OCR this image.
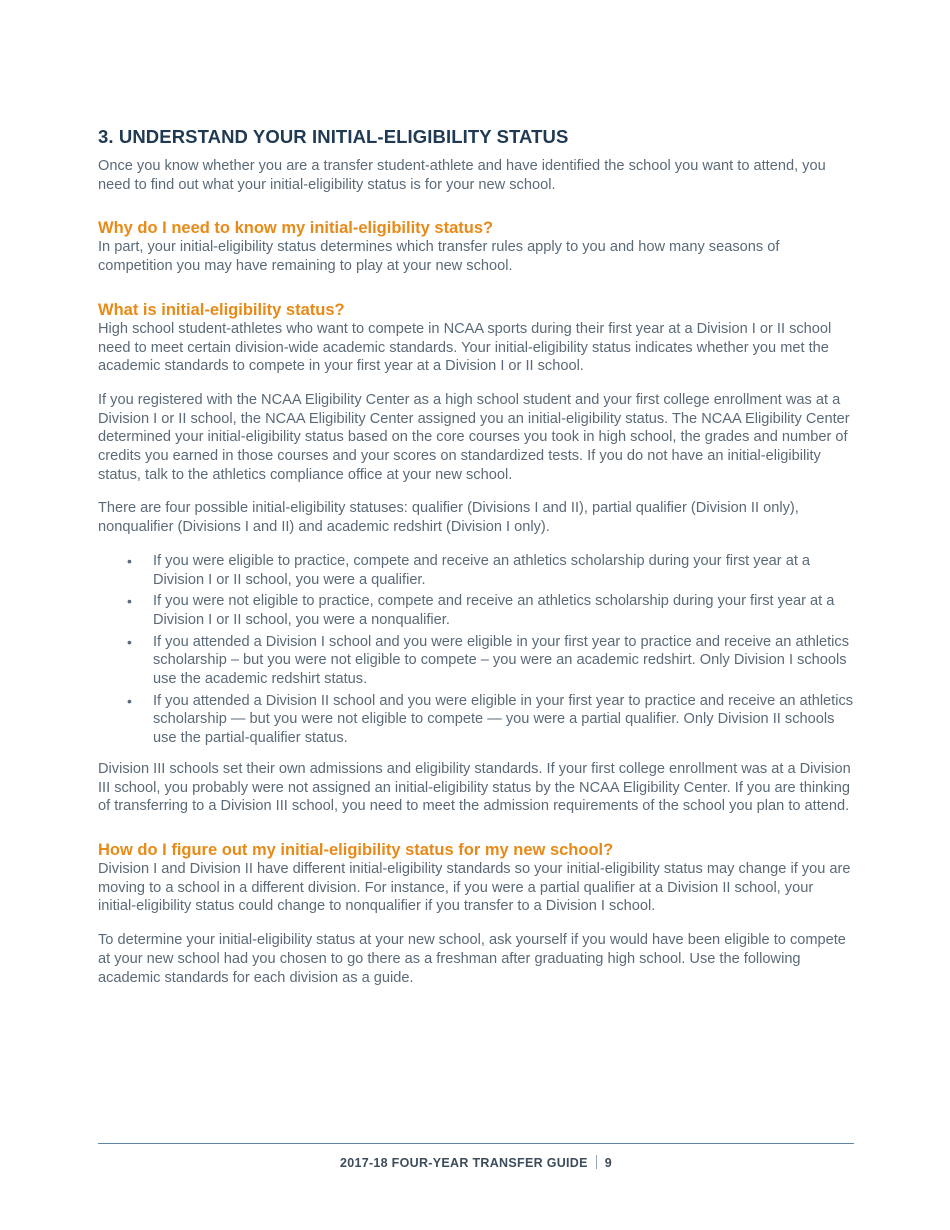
3. UNDERSTAND YOUR INITIAL-ELIGIBILITY STATUS

Once you know whether you are a transfer student-athlete and have identified the school you want to attend, you need to find out what your initial-eligibility status is for your new school.

Why do I need to know my initial-eligibility status?

In part, your initial-eligibility status determines which transfer rules apply to you and how many seasons of competition you may have remaining to play at your new school.

What is initial-eligibility status?

High school student-athletes who want to compete in NCAA sports during their first year at a Division I or II school need to meet certain division-wide academic standards. Your initial-eligibility status indicates whether you met the academic standards to compete in your first year at a Division I or II school.

If you registered with the NCAA Eligibility Center as a high school student and your first college enrollment was at a Division I or II school, the NCAA Eligibility Center assigned you an initial-eligibility status. The NCAA Eligibility Center determined your initial-eligibility status based on the core courses you took in high school, the grades and number of credits you earned in those courses and your scores on standardized tests. If you do not have an initial-eligibility status, talk to the athletics compliance office at your new school.

There are four possible initial-eligibility statuses: qualifier (Divisions I and II), partial qualifier (Division II only), nonqualifier (Divisions I and II) and academic redshirt (Division I only).

• If you were eligible to practice, compete and receive an athletics scholarship during your first year at a Division I or II school, you were a qualifier.
• If you were not eligible to practice, compete and receive an athletics scholarship during your first year at a Division I or II school, you were a nonqualifier.
• If you attended a Division I school and you were eligible in your first year to practice and receive an athletics scholarship – but you were not eligible to compete – you were an academic redshirt. Only Division I schools use the academic redshirt status.
• If you attended a Division II school and you were eligible in your first year to practice and receive an athletics scholarship — but you were not eligible to compete — you were a partial qualifier. Only Division II schools use the partial-qualifier status.

Division III schools set their own admissions and eligibility standards. If your first college enrollment was at a Division III school, you probably were not assigned an initial-eligibility status by the NCAA Eligibility Center. If you are thinking of transferring to a Division III school, you need to meet the admission requirements of the school you plan to attend.

How do I figure out my initial-eligibility status for my new school?

Division I and Division II have different initial-eligibility standards so your initial-eligibility status may change if you are moving to a school in a different division. For instance, if you were a partial qualifier at a Division II school, your initial-eligibility status could change to nonqualifier if you transfer to a Division I school.

To determine your initial-eligibility status at your new school, ask yourself if you would have been eligible to compete at your new school had you chosen to go there as a freshman after graduating high school. Use the following academic standards for each division as a guide.

2017-18 FOUR-YEAR TRANSFER GUIDE 9
